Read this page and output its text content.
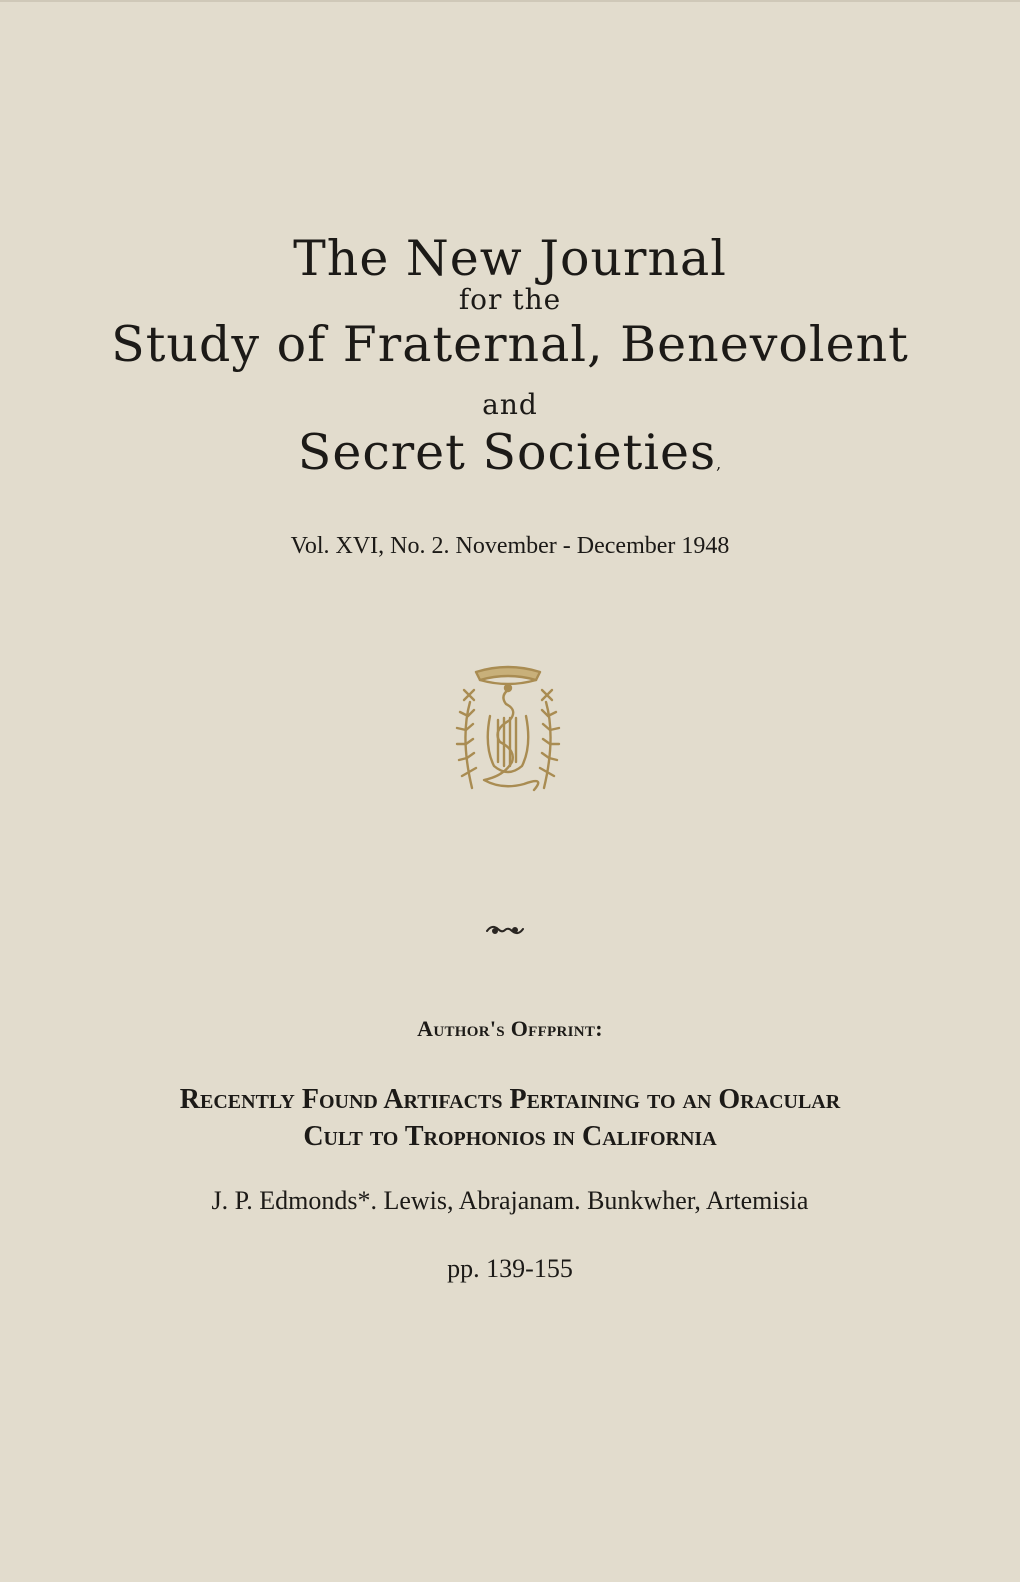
The New Journal
for the
Study of Fraternal, Benevolent
and
Secret Societies,
Vol. XVI, No. 2. November - December 1948
Author's Offprint:
Recently Found Artifacts Pertaining to an Oracular
Cult to Trophonios in California
J. P. Edmonds*. Lewis, Abrajanam. Bunkwher, Artemisia
pp. 139-155
